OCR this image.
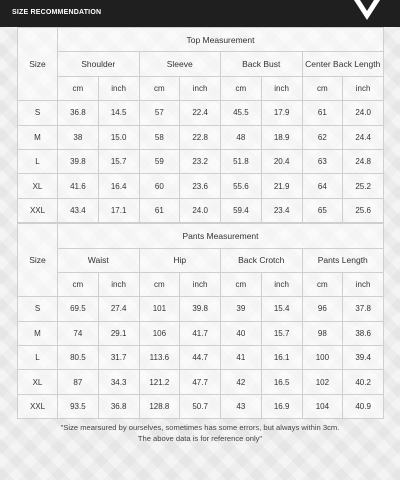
SIZE RECOMMENDATION
Size	Top Measurement							
	Shoulder		Sleeve		Back Bust		Center Back Length	
	cm	inch	cm	inch	cm	inch	cm	inch
S	36.8	14.5	57	22.4	45.5	17.9	61	24.0
M	38	15.0	58	22.8	48	18.9	62	24.4
L	39.8	15.7	59	23.2	51.8	20.4	63	24.8
XL	41.6	16.4	60	23.6	55.6	21.9	64	25.2
XXL	43.4	17.1	61	24.0	59.4	23.4	65	25.6
Size	Pants Measurement							
	Waist		Hip		Back Crotch		Pants Length	
	cm	inch	cm	inch	cm	inch	cm	inch
S	69.5	27.4	101	39.8	39	15.4	96	37.8
M	74	29.1	106	41.7	40	15.7	98	38.6
L	80.5	31.7	113.6	44.7	41	16.1	100	39.4
XL	87	34.3	121.2	47.7	42	16.5	102	40.2
XXL	93.5	36.8	128.8	50.7	43	16.9	104	40.9
"Size mearsured by ourselves, sometimes has some errors, but always within 3cm.
The above data is for reference only"
